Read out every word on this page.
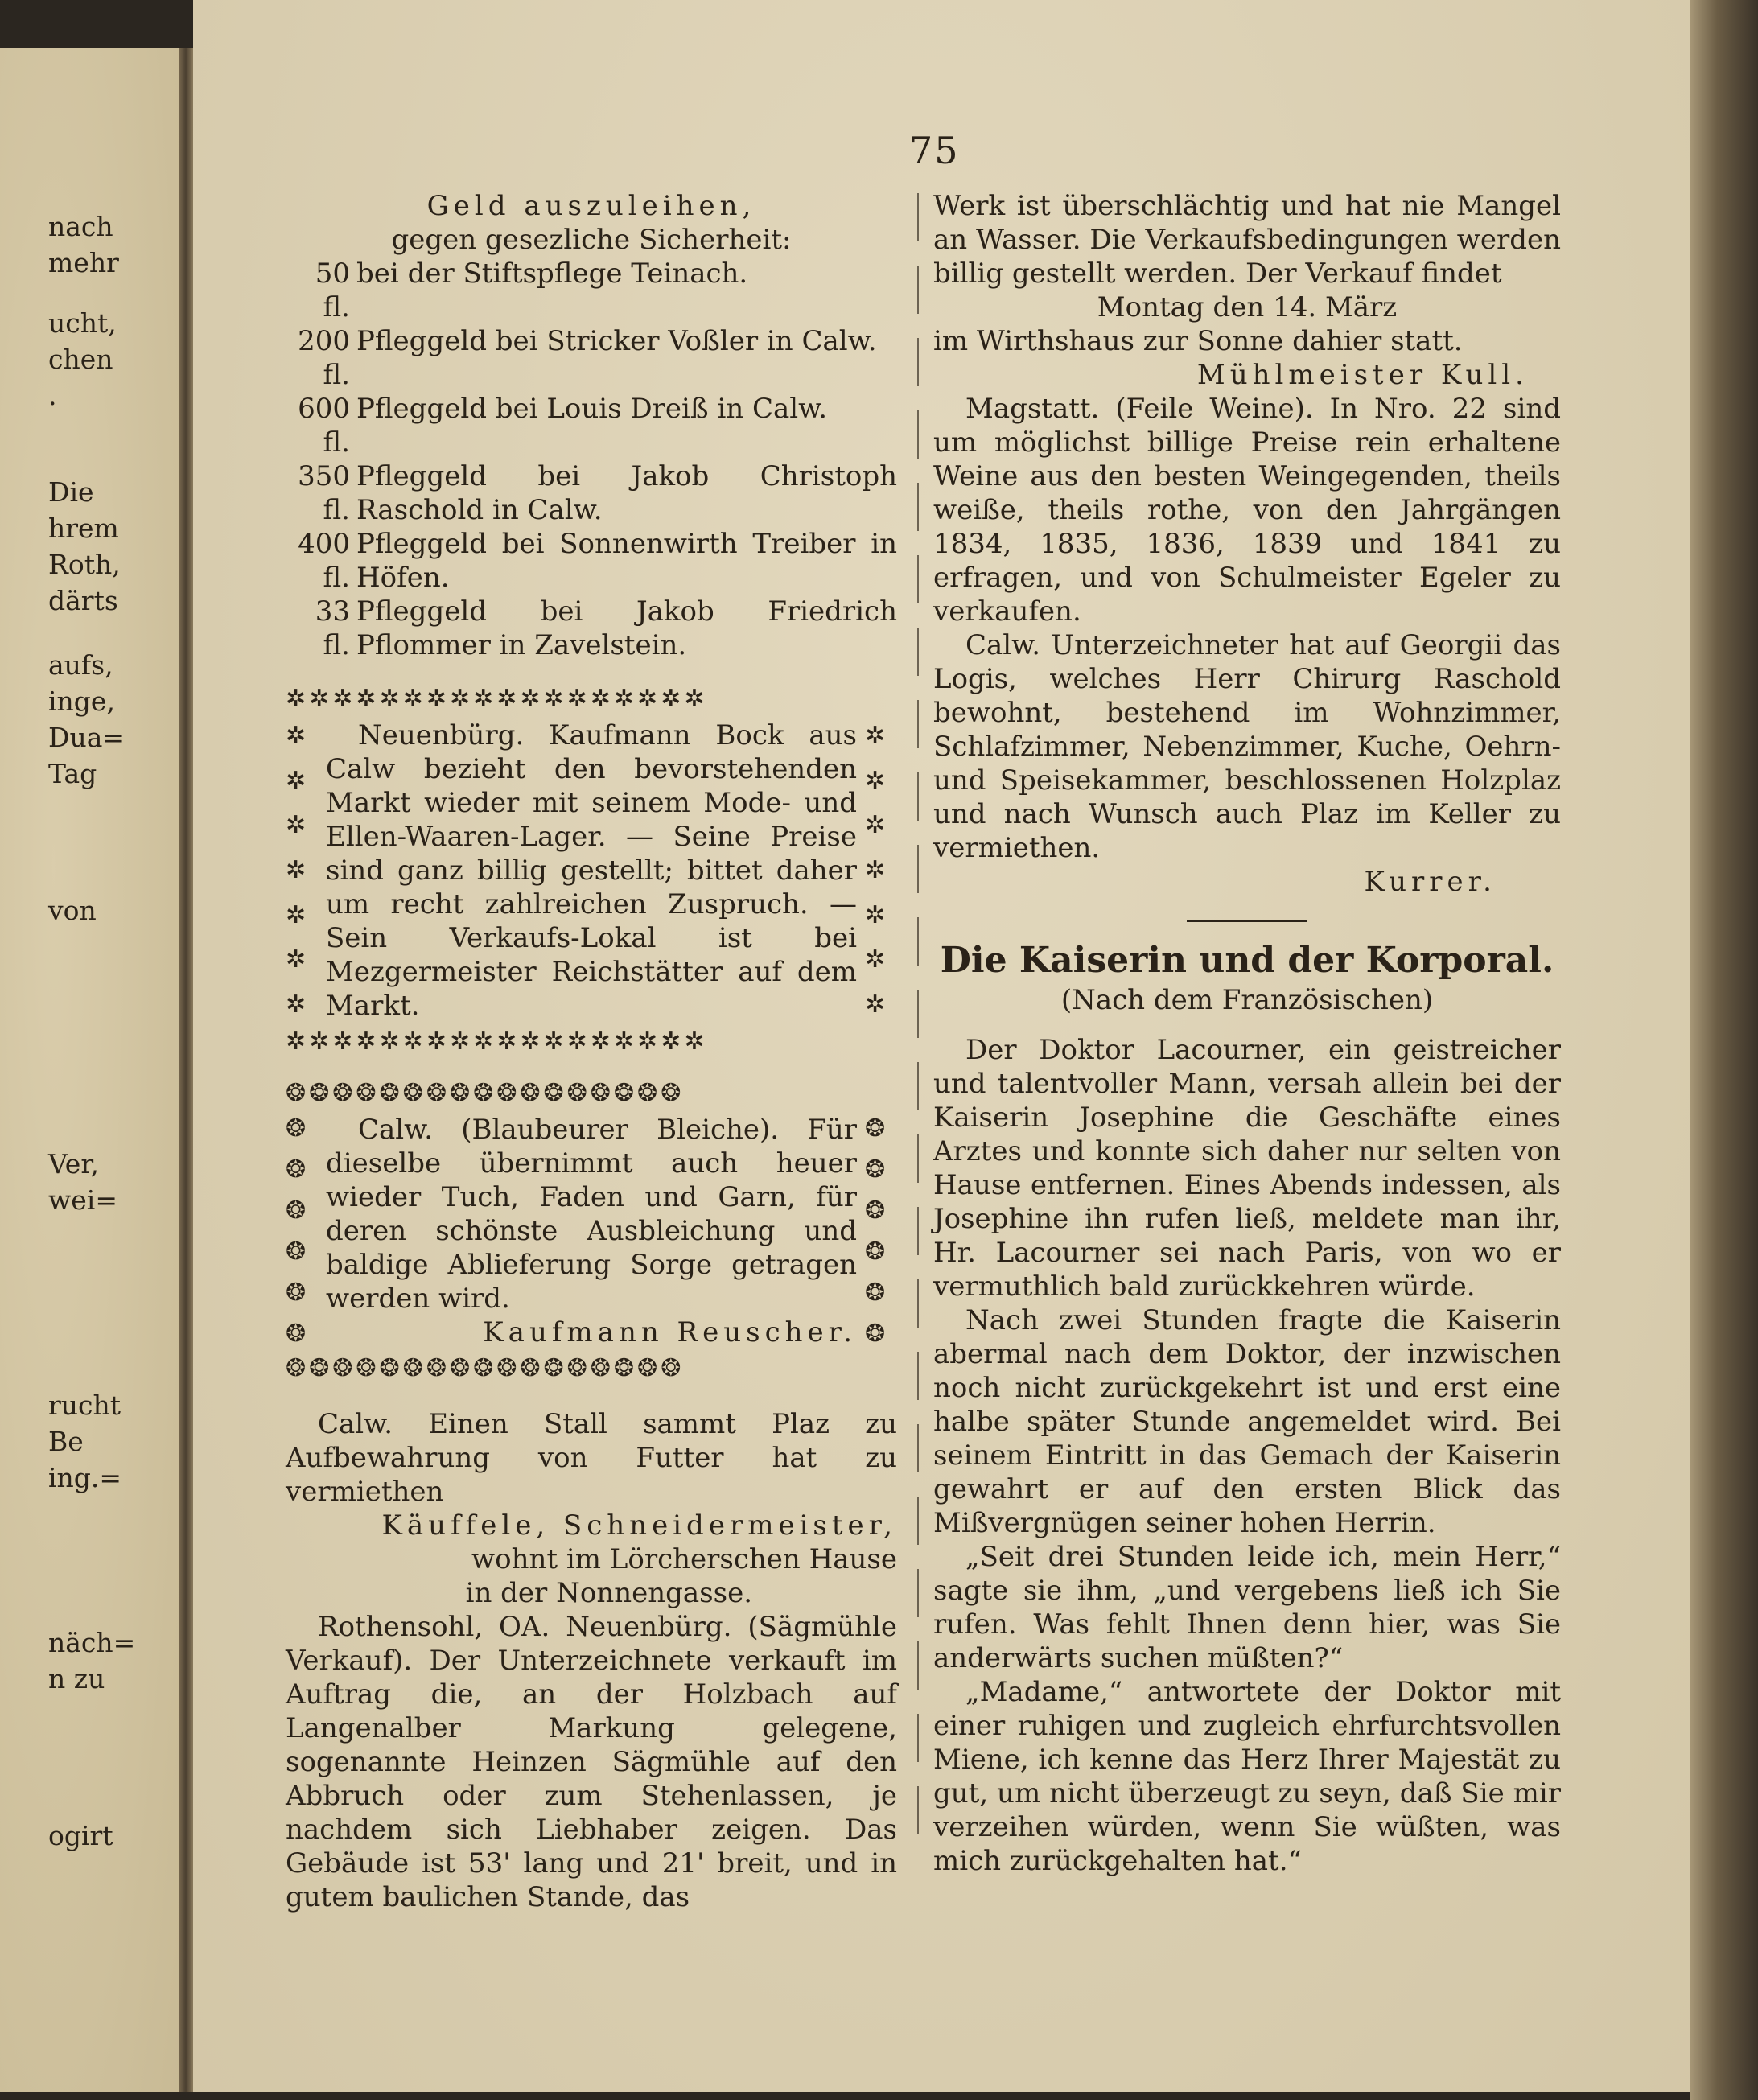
nach
mehr
ucht,
chen
.
Die
hrem
Roth,
därts
aufs,
inge,
Dua=
Tag
von
Ver,
wei=
rucht
Be
ing.=
näch=
n zu
ogirt
75

Geld auszuleihen,

gegen gesezliche Sicherheit:

50 fl.
bei der Stiftspflege Teinach.
200 fl.
Pfleggeld bei Stricker Voßler in Calw.
600 fl.
Pfleggeld bei Louis Dreiß in Calw.
350 fl.
Pfleggeld bei Jakob Christoph Raschold in Calw.
400 fl.
Pfleggeld bei Sonnenwirth Treiber in Höfen.
33 fl.
Pfleggeld bei Jakob Friedrich Pflommer in Zavelstein.
✲✲✲✲✲✲✲✲✲✲✲✲✲✲✲✲✲✲
✲
✲
✲
✲
✲
✲
✲

Neuenbürg. Kaufmann Bock aus Calw bezieht den bevorstehenden Markt wieder mit seinem Mode- und Ellen-Waaren-Lager. — Seine Preise sind ganz billig gestellt; bittet daher um recht zahlreichen Zuspruch. — Sein Verkaufs-Lokal ist bei Mezgermeister Reichstätter auf dem Markt.

✲
✲
✲
✲
✲
✲
✲
✲✲✲✲✲✲✲✲✲✲✲✲✲✲✲✲✲✲
❂❂❂❂❂❂❂❂❂❂❂❂❂❂❂❂❂
❂
❂
❂
❂
❂
❂

Calw. (Blaubeurer Bleiche). Für dieselbe übernimmt auch heuer wieder Tuch, Faden und Garn, für deren schönste Ausbleichung und baldige Ablieferung Sorge getragen werden wird.

Kaufmann Reuscher.

❂
❂
❂
❂
❂
❂
❂❂❂❂❂❂❂❂❂❂❂❂❂❂❂❂❂

Calw. Einen Stall sammt Plaz zu Aufbewahrung von Futter hat zu vermiethen

Käuffele, Schneidermeister,

wohnt im Lörcherschen Hause

in der Nonnengasse.

Rothensohl, OA. Neuenbürg. (Sägmühle Verkauf). Der Unterzeichnete verkauft im Auftrag die, an der Holzbach auf Langenalber Markung gelegene, sogenannte Heinzen Sägmühle auf den Abbruch oder zum Stehenlassen, je nachdem sich Liebhaber zeigen. Das Gebäude ist 53' lang und 21' breit, und in gutem baulichen Stande, das

Werk ist überschlächtig und hat nie Mangel an Wasser. Die Verkaufsbedingungen werden billig gestellt werden. Der Verkauf findet

Montag den 14. März

im Wirthshaus zur Sonne dahier statt.

Mühlmeister Kull.

Magstatt. (Feile Weine). In Nro. 22 sind um möglichst billige Preise rein erhaltene Weine aus den besten Weingegenden, theils weiße, theils rothe, von den Jahrgängen 1834, 1835, 1836, 1839 und 1841 zu erfragen, und von Schulmeister Egeler zu verkaufen.

Calw. Unterzeichneter hat auf Georgii das Logis, welches Herr Chirurg Raschold bewohnt, bestehend im Wohnzimmer, Schlafzimmer, Nebenzimmer, Kuche, Oehrn- und Speisekammer, beschlossenen Holzplaz und nach Wunsch auch Plaz im Keller zu vermiethen.

Kurrer.

Die Kaiserin und der Korporal.

(Nach dem Französischen)

Der Doktor Lacourner, ein geistreicher und talentvoller Mann, versah allein bei der Kaiserin Josephine die Geschäfte eines Arztes und konnte sich daher nur selten von Hause entfernen. Eines Abends indessen, als Josephine ihn rufen ließ, meldete man ihr, Hr. Lacourner sei nach Paris, von wo er vermuthlich bald zurückkehren würde.

Nach zwei Stunden fragte die Kaiserin abermal nach dem Doktor, der inzwischen noch nicht zurückgekehrt ist und erst eine halbe später Stunde angemeldet wird. Bei seinem Eintritt in das Gemach der Kaiserin gewahrt er auf den ersten Blick das Mißvergnügen seiner hohen Herrin.

„Seit drei Stunden leide ich, mein Herr,“ sagte sie ihm, „und vergebens ließ ich Sie rufen. Was fehlt Ihnen denn hier, was Sie anderwärts suchen müßten?“

„Madame,“ antwortete der Doktor mit einer ruhigen und zugleich ehrfurchtsvollen Miene, ich kenne das Herz Ihrer Majestät zu gut, um nicht überzeugt zu seyn, daß Sie mir verzeihen würden, wenn Sie wüßten, was mich zurückgehalten hat.“
